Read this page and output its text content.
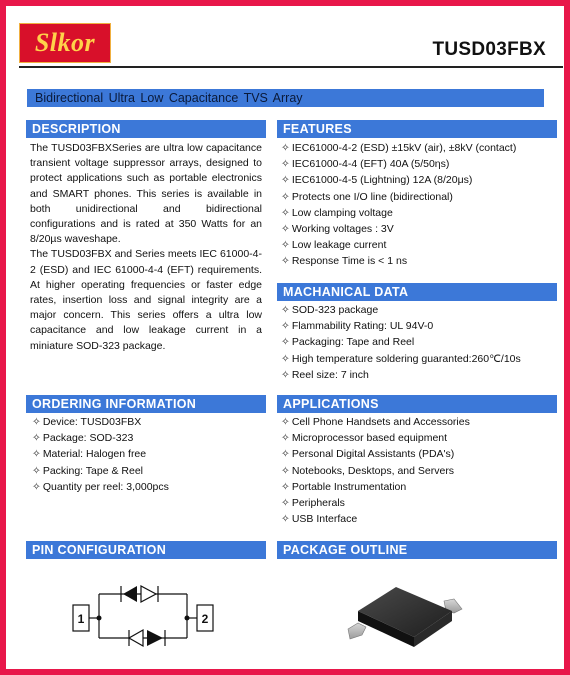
Slkor	TUSD03FBX
Bidirectional Ultra Low Capacitance TVS Array
DESCRIPTION

The TUSD03FBXSeries are ultra low capacitance transient voltage suppressor arrays, designed to protect applications such as portable electronics and SMART phones. This series is available in both unidirectional and bidirectional configurations and is rated at 350 Watts for an 8/20µs waveshape.

The TUSD03FBX and Series meets IEC 61000-4-2 (ESD) and IEC 61000-4-4 (EFT) requirements. At higher operating frequencies or faster edge rates, insertion loss and signal integrity are a major concern. This series offers a ultra low capacitance and low leakage current in a miniature SOD-323 package.

FEATURES
✧ IEC61000-4-2 (ESD) ±15kV (air), ±8kV (contact)
✧ IEC61000-4-4 (EFT) 40A (5/50ηs)
✧ IEC61000-4-5 (Lightning) 12A (8/20μs)
✧ Protects one I/O line (bidirectional)
✧ Low clamping voltage
✧ Working voltages : 3V
✧ Low leakage current
✧ Response Time is < 1 ns
MACHANICAL DATA
✧ SOD-323 package
✧ Flammability Rating: UL 94V-0
✧ Packaging: Tape and Reel
✧ High temperature soldering guaranted:260℃/10s
✧ Reel size: 7 inch
ORDERING INFORMATION
✧ Device: TUSD03FBX
✧ Package: SOD-323
✧ Material: Halogen free
✧ Packing: Tape & Reel
✧ Quantity per reel: 3,000pcs
APPLICATIONS
✧ Cell Phone Handsets and Accessories
✧ Microprocessor based equipment
✧ Personal Digital Assistants (PDA's)
✧ Notebooks, Desktops, and Servers
✧ Portable Instrumentation
✧ Peripherals
✧ USB Interface
PIN CONFIGURATION
1	2
PACKAGE OUTLINE
